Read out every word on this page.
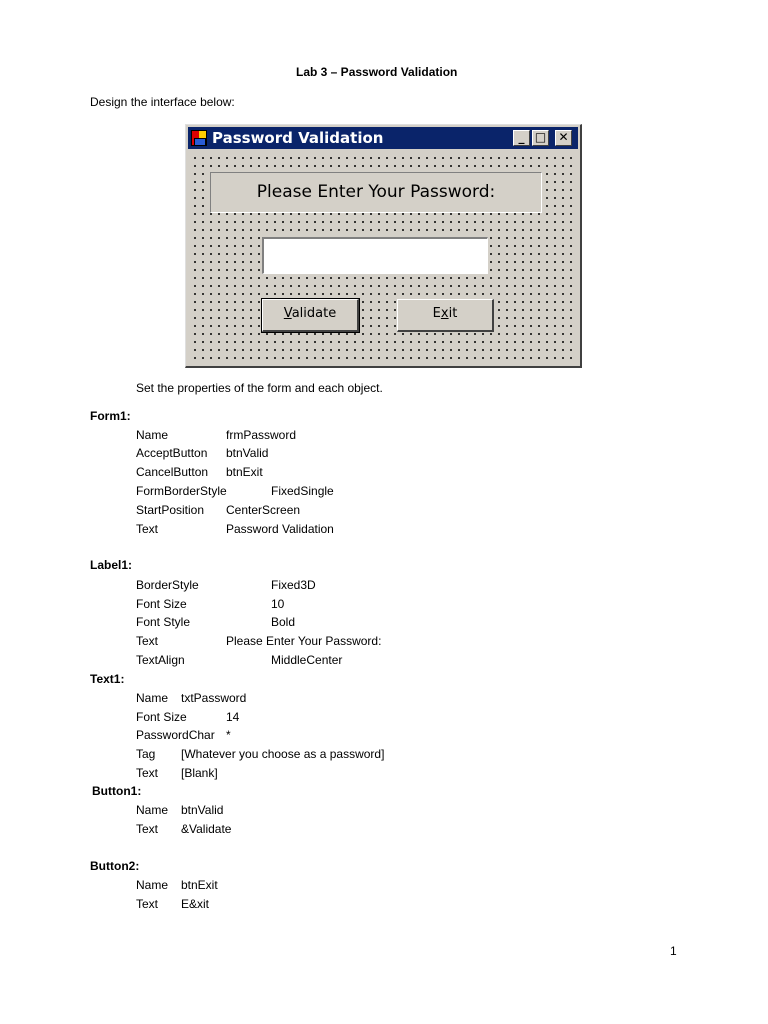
Lab 3 – Password Validation
Design the interface below:
Password Validation	_ □ ✕
Please Enter Your Password:
Validate	Exit
Set the properties of the form and each object.
Form1:
Name	frmPassword
AcceptButton btnValid
CancelButton btnExit
FormBorderStyle	FixedSingle
StartPosition CenterScreen
Text	Password Validation
Label1:
BorderStyle	Fixed3D
Font Size	10
Font Style	Bold
Text	Please Enter Your Password:
TextAlign	MiddleCenter
Text1:
Name txtPassword
Font Size	14
PasswordChar *
Tag [Whatever you choose as a password]
Text [Blank]
Button1:
Name btnValid
Text &Validate
Button2:
Name btnExit
Text E&xit
1
